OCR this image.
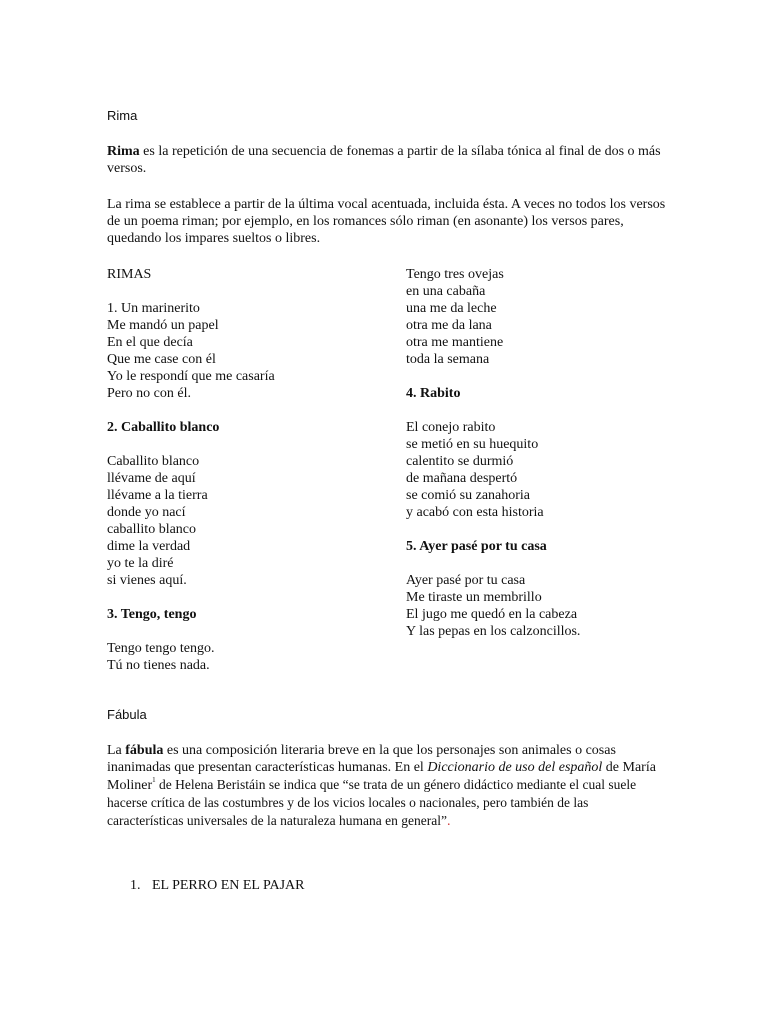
Rima

Rima es la repetición de una secuencia de fonemas a partir de la sílaba tónica al final de dos o más versos.

La rima se establece a partir de la última vocal acentuada, incluida ésta. A veces no todos los versos de un poema riman; por ejemplo, en los romances sólo riman (en asonante) los versos pares, quedando los impares sueltos o libres.

RIMAS
1. Un marinerito
Me mandó un papel
En el que decía
Que me case con él
Yo le respondí que me casaría
Pero no con él.
2. Caballito blanco
Caballito blanco
llévame de aquí
llévame a la tierra
donde yo nací
caballito blanco
dime la verdad
yo te la diré
si vienes aquí.
3. Tengo, tengo
Tengo tengo tengo.
Tú no tienes nada.
Tengo tres ovejas
en una cabaña
una me da leche
otra me da lana
otra me mantiene
toda la semana
4. Rabito
El conejo rabito
se metió en su huequito
calentito se durmió
de mañana despertó
se comió su zanahoria
y acabó con esta historia
5. Ayer pasé por tu casa
Ayer pasé por tu casa
Me tiraste un membrillo
El jugo me quedó en la cabeza
Y las pepas en los calzoncillos.
Fábula

La fábula es una composición literaria breve en la que los personajes son animales o cosas inanimadas que presentan características humanas. En el Diccionario de uso del español de María Moliner$^1$ de Helena Beristáin se indica que “se trata de un género didáctico mediante el cual suele hacerse crítica de las costumbres y de los vicios locales o nacionales, pero también de las características universales de la naturaleza humana en general”.

1. EL PERRO EN EL PAJAR
